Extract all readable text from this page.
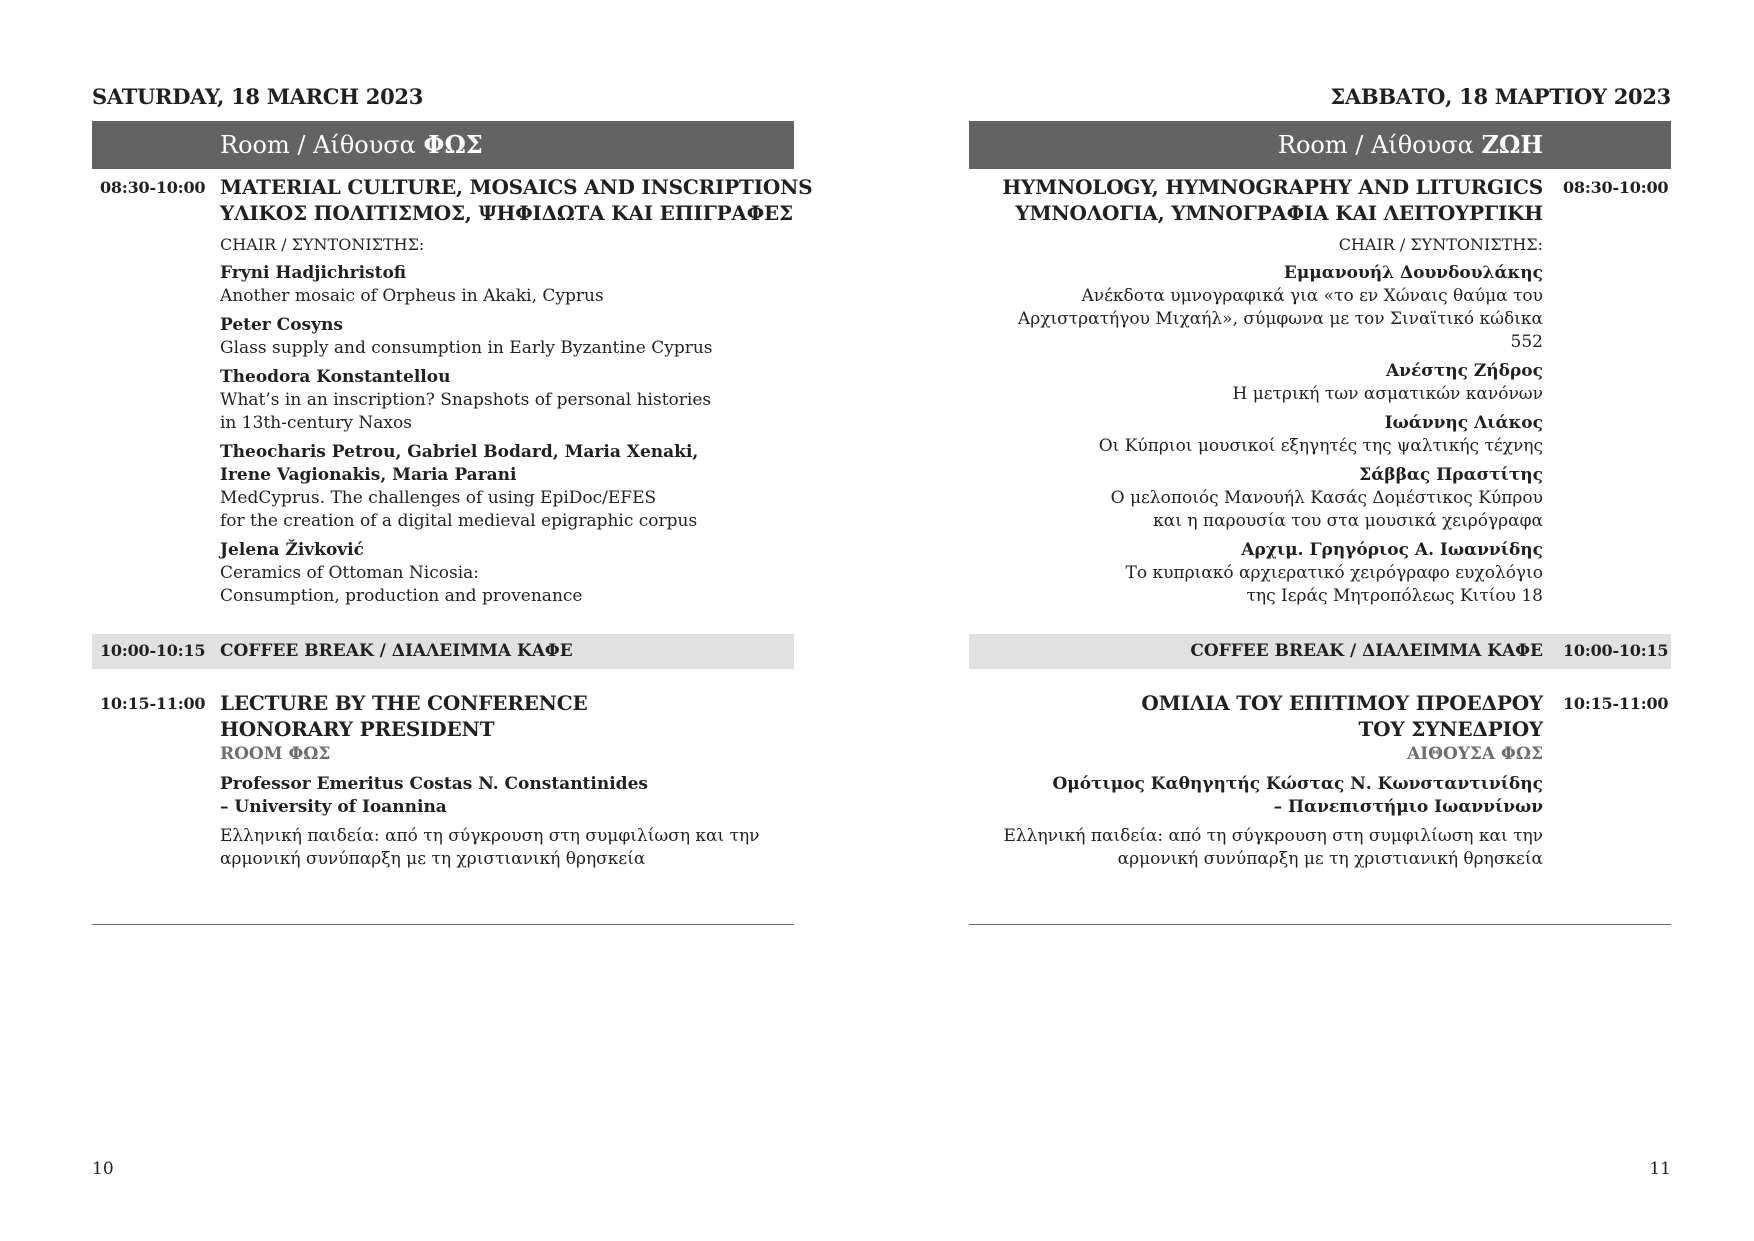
SATURDAY, 18 MARCH 2023
Room / Αίθουσα ΦΩΣ
08:30-10:00 MATERIAL CULTURE, MOSAICS AND INSCRIPTIONS
ΥΛΙΚΟΣ ΠΟΛΙΤΙΣΜΟΣ, ΨΗΦΙΔΩΤΑ ΚΑΙ ΕΠΙΓΡΑΦΕΣ
CHAIR / ΣΥΝΤΟΝΙΣΤΗΣ:
Fryni Hadjichristofi
Another mosaic of Orpheus in Akaki, Cyprus
Peter Cosyns
Glass supply and consumption in Early Byzantine Cyprus
Theodora Konstantellou
What’s in an inscription? Snapshots of personal histories
in 13th-century Naxos
Theocharis Petrou, Gabriel Bodard, Maria Xenaki,
Irene Vagionakis, Maria Parani
MedCyprus. The challenges of using EpiDoc/EFES
for the creation of a digital medieval epigraphic corpus
Jelena Živković
Ceramics of Ottoman Nicosia:
Consumption, production and provenance
10:00-10:15 COFFEE BREAK / ΔΙΑΛΕΙΜΜΑ ΚΑΦΕ
10:15-11:00 LECTURE BY THE CONFERENCE
HONORARY PRESIDENT
ROOM ΦΩΣ
Professor Emeritus Costas N. Constantinides
– University of Ioannina
Ελληνική παιδεία: από τη σύγκρουση στη συμφιλίωση και την
αρμονική συνύπαρξη με τη χριστιανική θρησκεία
10
ΣΑΒΒΑΤΟ, 18 ΜΑΡΤΙΟΥ 2023
Room / Αίθουσα ΖΩΗ
08:30-10:00
HYMNOLOGY, HYMNOGRAPHY AND LITURGICS
ΥΜΝΟΛΟΓΙΑ, ΥΜΝΟΓΡΑΦΙΑ ΚΑΙ ΛΕΙΤΟΥΡΓΙΚΗ
CHAIR / ΣΥΝΤΟΝΙΣΤΗΣ:
Εμμανουήλ Δουνδουλάκης
Ανέκδοτα υμνογραφικά για «το εν Χώναις θαύμα του
Αρχιστρατήγου Μιχαήλ», σύμφωνα με τον Σιναϊτικό κώδικα 552
Ανέστης Ζήδρος
Η μετρική των ασματικών κανόνων
Ιωάννης Λιάκος
Οι Κύπριοι μουσικοί εξηγητές της ψαλτικής τέχνης
Σάββας Πραστίτης
Ο μελοποιός Μανουήλ Κασάς Δομέστικος Κύπρου
και η παρουσία του στα μουσικά χειρόγραφα
Αρχιμ. Γρηγόριος Α. Ιωαννίδης
Το κυπριακό αρχιερατικό χειρόγραφο ευχολόγιο
της Ιεράς Μητροπόλεως Κιτίου 18
10:00-10:15
COFFEE BREAK / ΔΙΑΛΕΙΜΜΑ ΚΑΦΕ
10:15-11:00
ΟΜΙΛΙΑ ΤΟΥ ΕΠΙΤΙΜΟΥ ΠΡΟΕΔΡΟΥ
ΤΟΥ ΣΥΝΕΔΡΙΟΥ
ΑΙΘΟΥΣΑ ΦΩΣ
Ομότιμος Καθηγητής Κώστας Ν. Κωνσταντινίδης
– Πανεπιστήμιο Ιωαννίνων
Ελληνική παιδεία: από τη σύγκρουση στη συμφιλίωση και την
αρμονική συνύπαρξη με τη χριστιανική θρησκεία
11
